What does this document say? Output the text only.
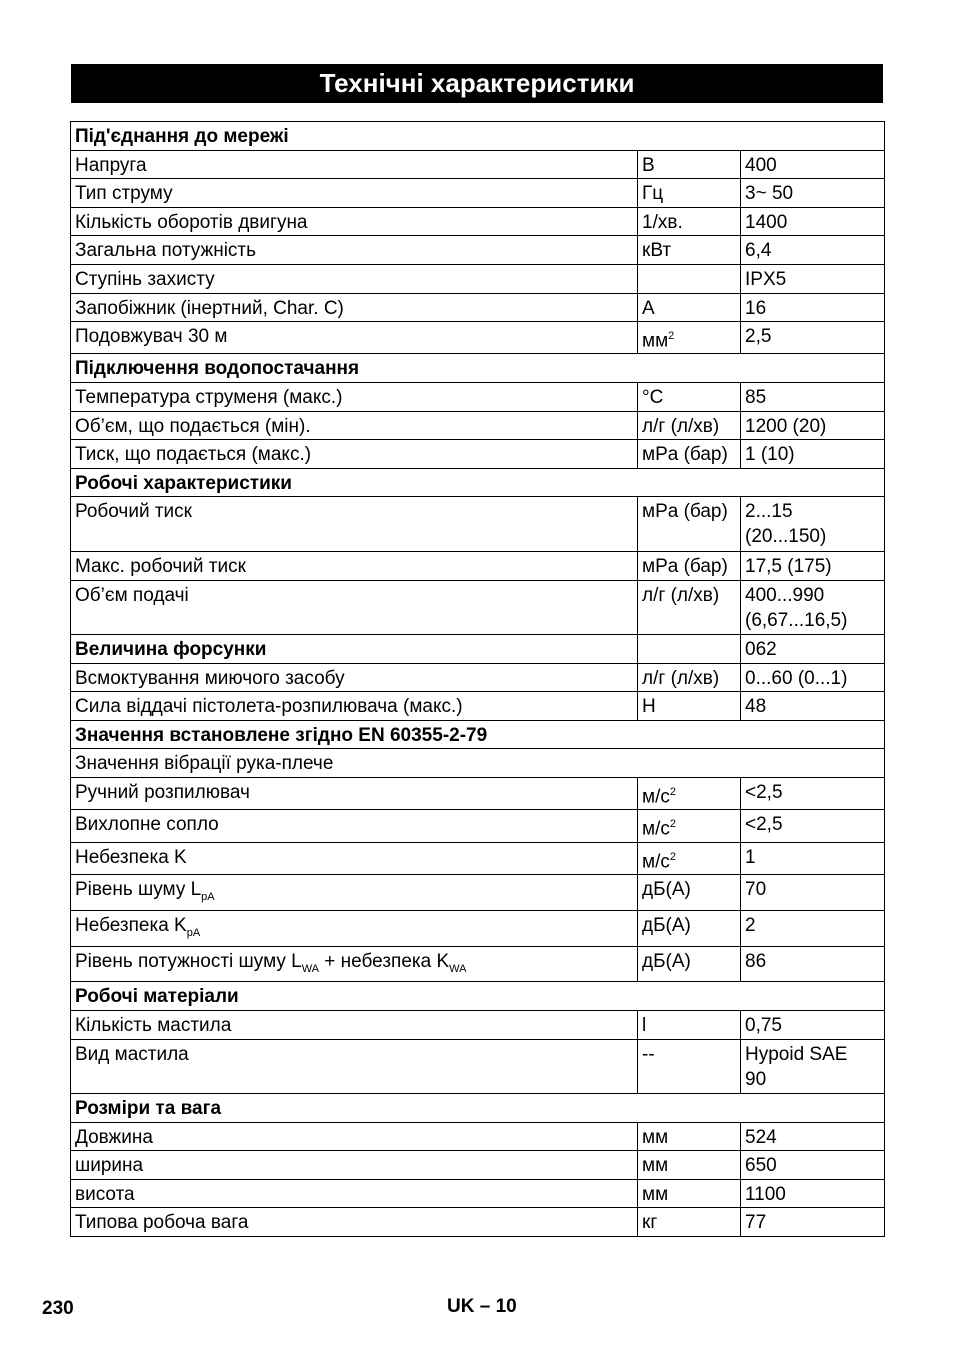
Технічні характеристики
Під'єднання до мережі		

Напруга	В	400

Тип струму	Гц	3~ 50

Кількість оборотів двигуна	1/хв.	1400

Загальна потужність	кВт	6,4

Ступінь захисту		IPX5

Запобіжник (інертний, Char. C)	A	16

Подовжувач 30 м	$мм^2$	2,5

Підключення водопостачання		

Температура струменя (макс.)	°C	85

Об’єм, що подається (мін).	л/г (л/хв)	1200 (20)

Тиск, що подається (макс.)	мPa (бар)	1 (10)

Робочі характеристики		

Робочий тиск	мPa (бар)	2...15
(20...150)

Макс. робочий тиск	мPa (бар)	17,5 (175)

Об’єм подачі	л/г (л/хв)	400...990
(6,67...16,5)

Величина форсунки		062

Всмоктування миючого засобу	л/г (л/хв)	0...60 (0...1)

Сила віддачі пістолета-розпилювача (макс.)	Н	48

Значення встановлене згідно EN 60355-2-79		

Значення вібрації рука-плече		

Ручний розпилювач	$м/с^2$	<2,5

Вихлопне сопло	$м/с^2$	<2,5

Небезпека K	$м/с^2$	1

Рівень шуму $L_{pA}$	дБ(А)	70

Небезпека $K_{pA}$	дБ(А)	2

Рівень потужності шуму $L_{WA}$ + небезпека $K_{WA}$	дБ(А)	86

Робочі матеріали		

Кількість мастила	l	0,75

Вид мастила	--	Hypoid SAE
90

Розміри та вага		

Довжина	мм	524

ширина	мм	650

висота	мм	1100

Типова робоча вага	кг	77
230	UK – 10
